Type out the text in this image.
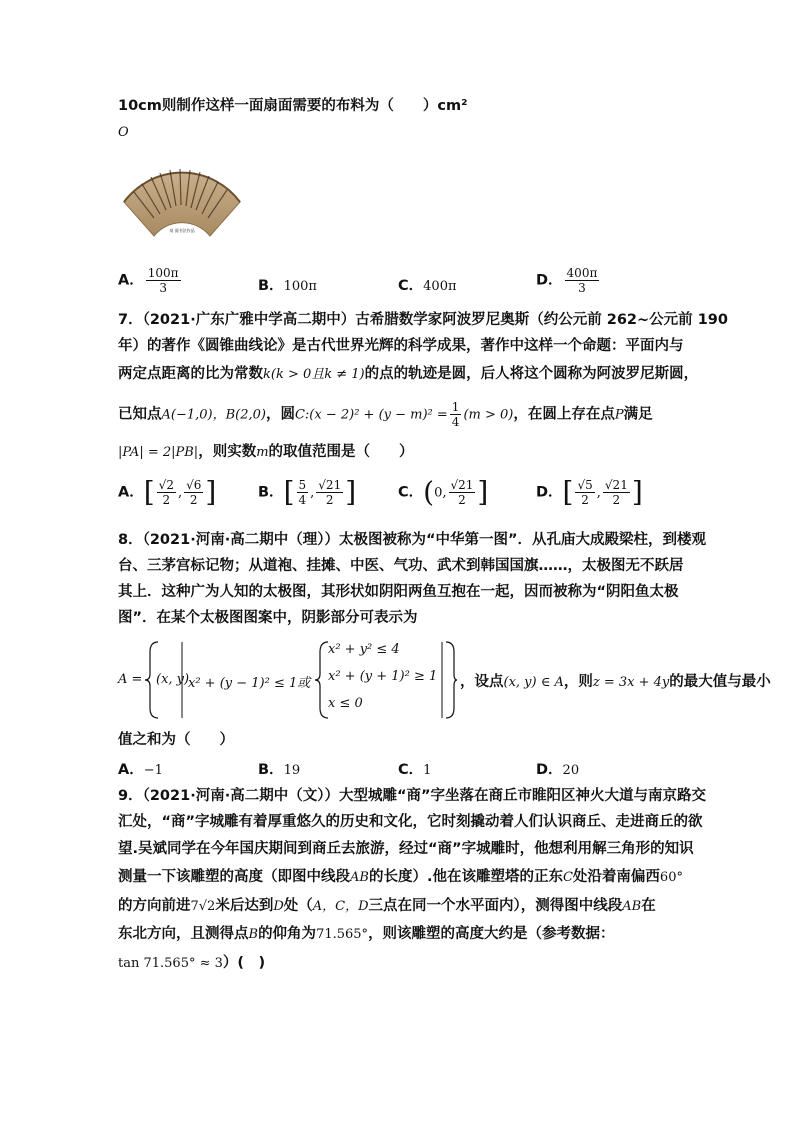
10cm则制作这样一面扇面需要的布料为（　　）cm²
O
扇 面书法作品
A． $\frac{100\pi}{3}$	B．100π	C．400π	D． $\frac{400\pi}{3}$
7．（2021·广东广雅中学高二期中）古希腊数学家阿波罗尼奥斯（约公元前 262~公元前 190
年）的著作《圆锥曲线论》是古代世界光辉的科学成果，著作中这样一个命题：平面内与
两定点距离的比为常数k(k > 0且k ≠ 1)的点的轨迹是圆，后人将这个圆称为阿波罗尼斯圆，
已知点A(−1,0)，B(2,0)，圆C:(x − $2)^2 + (y - m)^2 = \frac{1}{4} (m > 0)$，在圆上存在点P满足
|PA| = 2|PB|，则实数m的取值范围是（　　）
A．[ $\frac{√2}{2}$ , $\frac{√6}{2}$ ]	B．[ $\frac{5}{4}$ , $\frac{√21}{2}$ ]	C．(0, $\frac{√21}{2}$ ]	D．[ $\frac{√5}{2}$ , $\frac{√21}{2}$ ]
8．（2021·河南·高二期中（理））太极图被称为“中华第一图”．从孔庙大成殿梁柱，到楼观
台、三茅宫标记物；从道袍、挂摊、中医、气功、武术到韩国国旗……，太极图无不跃居
其上．这种广为人知的太极图，其形状如阴阳两鱼互抱在一起，因而被称为“阴阳鱼太极
图”．在某个太极图图案中，阴影部分可表示为
A = (x, y)
x² + (y − 1)² ≤ 1或
x² + y² ≤ 4
x² + (y + 1)² ≥ 1
x ≤ 0
，设点(x, y) ∈ A，则z = 3x + 4y的最大值与最小
值之和为（　　）
A．−1	B．19	C．1	D．20
9．（2021·河南·高二期中（文））大型城雕“商”字坐落在商丘市睢阳区神火大道与南京路交
汇处，“商”字城雕有着厚重悠久的历史和文化，它时刻撬动着人们认识商丘、走进商丘的欲
望.吴斌同学在今年国庆期间到商丘去旅游，经过“商”字城雕时，他想利用解三角形的知识
测量一下该雕塑的高度（即图中线段AB的长度）.他在该雕塑塔的正东C处沿着南偏西60°
的方向前进7√2米后达到D处（A，C，D三点在同一个水平面内），测得图中线段AB在
东北方向，且测得点B的仰角为71.565°，则该雕塑的高度大约是（参考数据：
tan 71.565° ≈ 3）(　)
